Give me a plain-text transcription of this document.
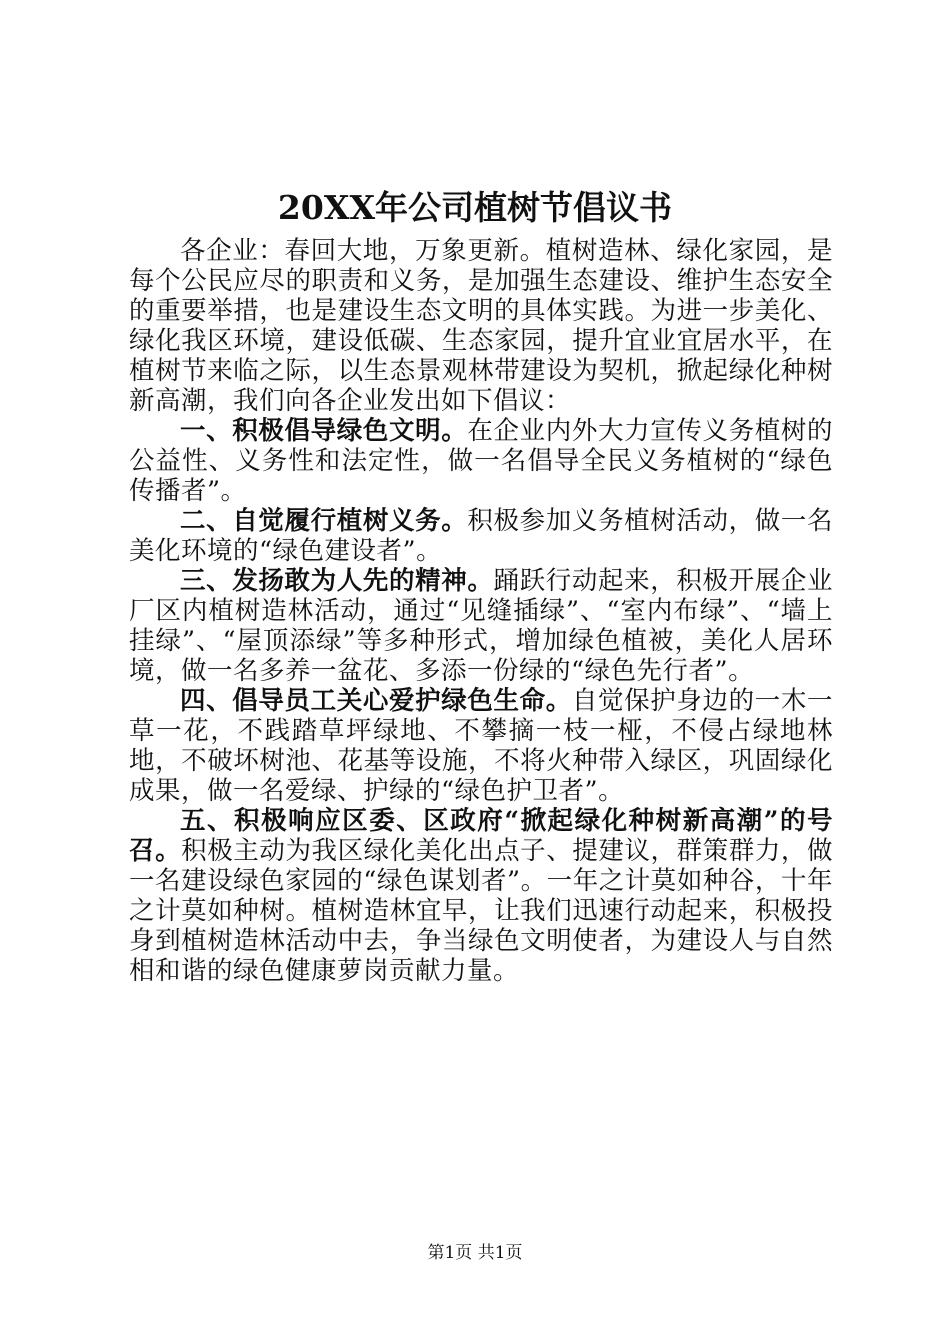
20XX年公司植树节倡议书

各企业：春回大地，万象更新。植树造林、绿化家园，是每个公民应尽的职责和义务，是加强生态建设、维护生态安全的重要举措，也是建设生态文明的具体实践。为进一步美化、绿化我区环境，建设低碳、生态家园，提升宜业宜居水平，在植树节来临之际，以生态景观林带建设为契机，掀起绿化种树新高潮，我们向各企业发出如下倡议：

一、积极倡导绿色文明。在企业内外大力宣传义务植树的公益性、义务性和法定性，做一名倡导全民义务植树的“绿色传播者”。

二、自觉履行植树义务。积极参加义务植树活动，做一名美化环境的“绿色建设者”。

三、发扬敢为人先的精神。踊跃行动起来，积极开展企业厂区内植树造林活动，通过“见缝插绿”、“室内布绿”、“墙上挂绿”、“屋顶添绿”等多种形式，增加绿色植被，美化人居环境，做一名多养一盆花、多添一份绿的“绿色先行者”。

四、倡导员工关心爱护绿色生命。自觉保护身边的一木一草一花，不践踏草坪绿地、不攀摘一枝一桠，不侵占绿地林地，不破坏树池、花基等设施，不将火种带入绿区，巩固绿化成果，做一名爱绿、护绿的“绿色护卫者”。

五、积极响应区委、区政府“掀起绿化种树新高潮”的号召。积极主动为我区绿化美化出点子、提建议，群策群力，做一名建设绿色家园的“绿色谋划者”。一年之计莫如种谷，十年之计莫如种树。植树造林宜早，让我们迅速行动起来，积极投身到植树造林活动中去，争当绿色文明使者，为建设人与自然相和谐的绿色健康萝岗贡献力量。

第1页 共1页
